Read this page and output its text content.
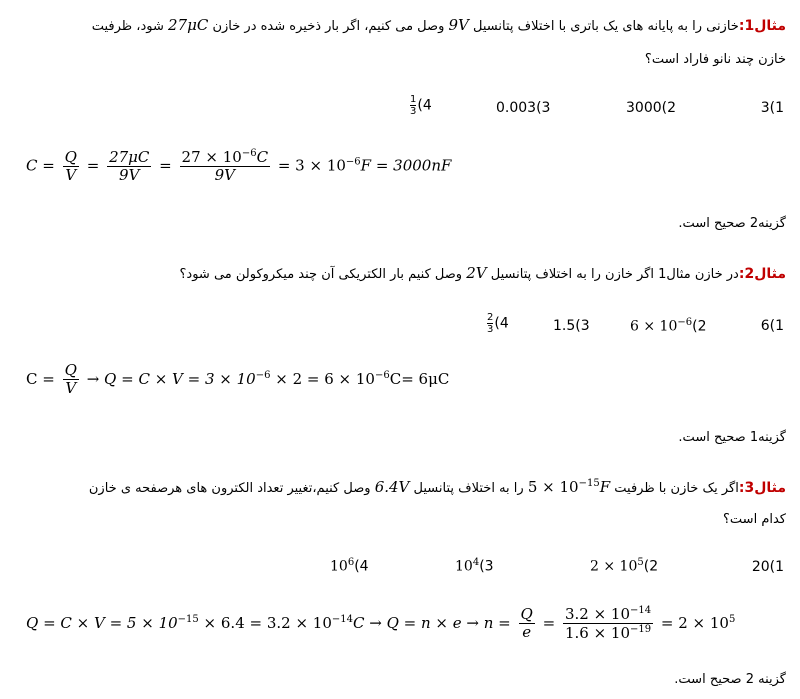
مثال1:خازنی را به پایانه های یک باتری با اختلاف پتانسیل 9V وصل می کنیم، اگر بار ذخیره شده در خازن 27μC شود، ظرفیت
خازن چند نانو فاراد است؟
3(1
3000(2
0.003(3
$\frac{1}{3} (4$
$C = \frac{Q}{V} = \frac{27\mu C}{9V} = \frac{27 \times 10^{-6}C}{9V} = 3 \times 10^{-6}F = 3000nF$
گزینه2 صحیح است.
مثال2:در خازن مثال1 اگر خازن را به اختلاف پتانسیل 2V وصل کنیم بار الکتریکی آن چند میکروکولن می شود؟
6(1
$6 \times 10^{-6}(2$
1.5(3
$\frac{2}{3} (4$
$C = \frac{Q}{V} \to Q = C \times V = 3 \times 10^{-6} \times 2 = 6 \times 10^{-6}C= 6\mu C$
گزینه1 صحیح است.
مثال3:اگر یک خازن با ظرفیت $5 \times 10^{-15}F$ را به اختلاف پتانسیل 6.4V وصل کنیم،تغییر تعداد الکترون های هرصفحه ی خازن
کدام است؟
20(1
$2 \times 10^5(2$
$10^4(3$
$10^6(4$
$Q = C \times V = 5 \times 10^{-15} \times 6.4 = 3.2 \times 10^{-14}C \to Q = n \times e \to n = \frac{Q}{e} = \frac{3.2 \times 10^{-14}}{1.6 \times 10^{-19}} = 2 \times 10^5$
گزینه 2 صحیح است.
